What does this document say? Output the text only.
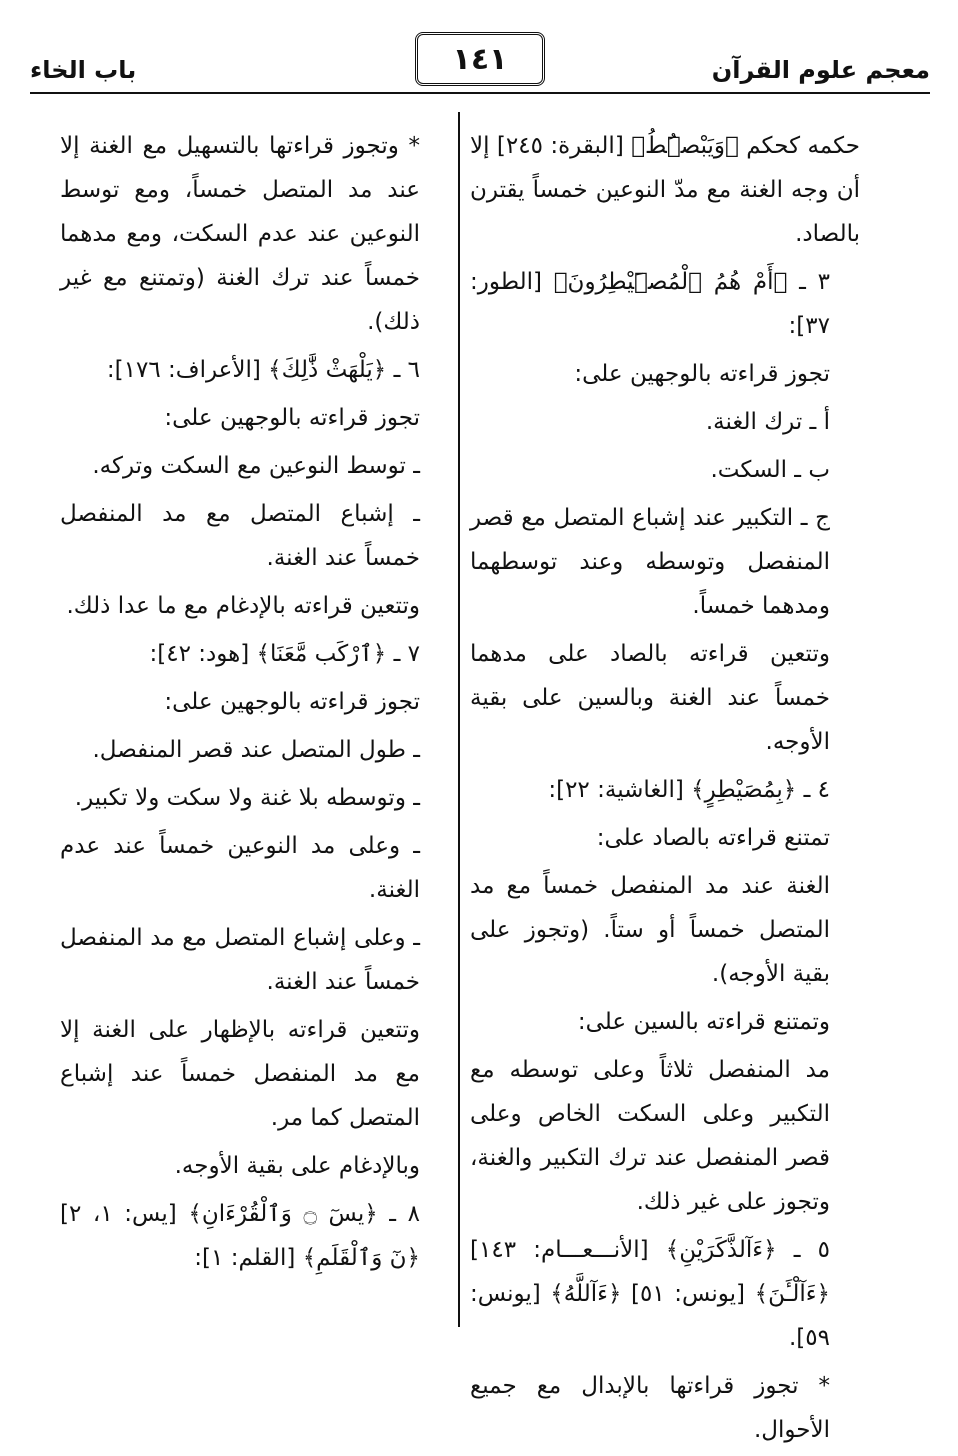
معجم علوم القرآن
١٤١
باب الخاء

حكمه كحكم ﴿وَيَبْصُۜطُ﴾ [البقرة: ٢٤٥] إلا أن وجه الغنة مع مدّ النوعين خمساً يقترن بالصاد.

٣ ـ ﴿أَمْ هُمُ ٱلْمُصَۜيْطِرُونَ﴾ [الطور: ٣٧]:

تجوز قراءته بالوجهين على:

أ ـ ترك الغنة.

ب ـ السكت.

ج ـ التكبير عند إشباع المتصل مع قصر المنفصل وتوسطه وعند توسطهما ومدهما خمساً.

وتتعين قراءته بالصاد على مدهما خمساً عند الغنة وبالسين على بقية الأوجه.

٤ ـ ﴿بِمُصَيْطِرٍ﴾ [الغاشية: ٢٢]:

تمتنع قراءته بالصاد على:

الغنة عند مد المنفصل خمساً مع مد المتصل خمساً أو ستاً. (وتجوز على بقية الأوجه).

وتمتنع قراءته بالسين على:

مد المنفصل ثلاثاً وعلى توسطه مع التكبير وعلى السكت الخاص وعلى قصر المنفصل عند ترك التكبير والغنة، وتجوز على غير ذلك.

٥ ـ ﴿ءَآلذَّكَرَيْنِ﴾ [الأنـــعـــام: ١٤٣] ﴿ءَآلْـَٔنَ﴾ [يونس: ٥١] ﴿ءَآللَّهُ﴾ [يونس: ٥٩].

* تجوز قراءتها بالإبدال مع جميع الأحوال.

* وتجوز قراءتها بالتسهيل مع الغنة إلا عند مد المتصل خمساً، ومع توسط النوعين عند عدم السكت، ومع مدهما خمساً عند ترك الغنة (وتمتنع مع غير ذلك).

٦ ـ ﴿يَلْهَثْ ذَّٰلِكَ﴾ [الأعراف: ١٧٦]:

تجوز قراءته بالوجهين على:

ـ توسط النوعين مع السكت وتركه.

ـ إشباع المتصل مع مد المنفصل خمساً عند الغنة.

وتتعين قراءته بالإدغام مع ما عدا ذلك.

٧ ـ ﴿ٱرْكَب مَّعَنَا﴾ [هود: ٤٢]:

تجوز قراءته بالوجهين على:

ـ طول المتصل عند قصر المنفصل.

ـ وتوسطه بلا غنة ولا سكت ولا تكبير.

ـ وعلى مد النوعين خمساً عند عدم الغنة.

ـ وعلى إشباع المتصل مع مد المنفصل خمساً عند الغنة.

وتتعين قراءته بالإظهار على الغنة إلا مع مد المنفصل خمساً عند إشباع المتصل كما مر.

وبالإدغام على بقية الأوجه.

٨ ـ ﴿يسٓ ۝ وَٱلْقُرْءَانِ﴾ [يس: ١، ٢] ﴿نٓ وَٱلْقَلَمِ﴾ [القلم: ١]:
